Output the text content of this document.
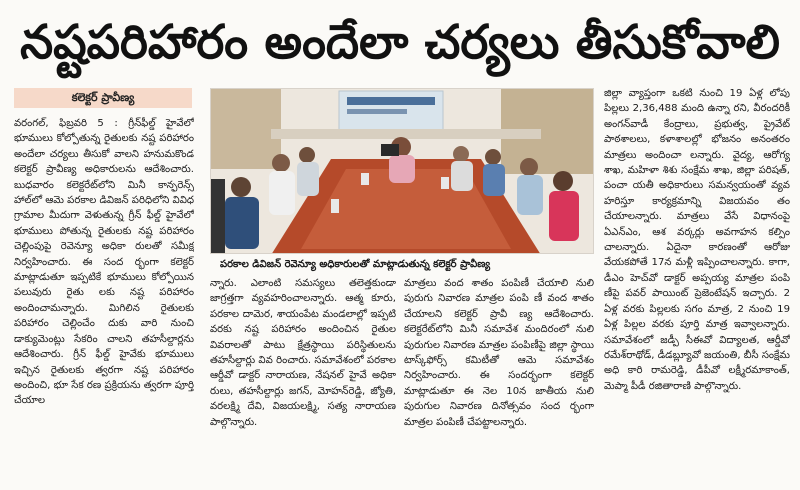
నష్టపరిహారం అందేలా చర్యలు తీసుకోవాలి
కలెక్టర్ ప్రావీణ్య

వరంగల్, ఫిబ్రవరి 5 : గ్రీన్‌ఫీల్డ్ హైవేలో భూములు కోల్పోతున్న రైతులకు నష్ట పరిహారం అందేలా చర్యలు తీసుకో వాలని హనుమకొండ కలెక్టర్ ప్రావీణ్య అధికారులను ఆదేశించారు. బుధవారం కలెక్టరేట్‌లోని మినీ కాన్ఫరెన్స్ హాల్‌లో ఆమె పరకాల డివిజన్ పరిధిలోని వివిధ గ్రామాల మీదుగా వెళుతున్న గ్రీన్ ఫీల్డ్ హైవేలో భూములు పోతున్న రైతులకు నష్ట పరిహారం చెల్లింపుపై రెవెన్యూ అధికా రులతో సమీక్ష నిర్వహించారు. ఈ సంద ర్భంగా కలెక్టర్ మాట్లాడుతూ ఇప్పటికే భూములు కోల్పోయిన పలువురు రైతు లకు నష్ట పరిహారం అందించామన్నారు. మిగిలిన రైతులకు పరిహారం చెల్లించేం దుకు వారి నుంచి డాక్యుమెంట్లు సేకరిం చాలని తహసీల్దార్లను ఆదేశించారు. గ్రీన్ ఫీల్డ్ హైవేకు భూములు ఇచ్చిన రైతులకు త్వరగా నష్ట పరిహారం అందించి, భూ సేక రణ ప్రక్రియను త్వరగా పూర్తి చేయాల

పరకాల డివిజన్ రెవెన్యూ అధికారులతో మాట్లాడుతున్న కలెక్టర్ ప్రావీణ్య

న్నారు. ఎలాంటి సమస్యలు తలెత్తకుండా జాగ్రత్తగా వ్యవహరించాలన్నారు. ఆత్మ కూరు, పరకాల దామెర, శాయంపేట మండలాల్లో ఇప్పటి వరకు నష్ట పరిహారం అందించిన రైతుల వివరాలతో పాటు క్షేత్రస్థాయి పరిస్థితులను తహసీల్దార్లు వివ రించారు. సమావేశంలో పరకాల ఆర్డీవో డాక్టర్ నారాయణ, నేషనల్ హైవే అధికా రులు, తహసీల్దార్లు జగన్, మోహన్‌రెడ్డి, జ్యోతి, వరలక్ష్మి దేవి, విజయలక్ష్మి, సత్య నారాయణ పాల్గొన్నారు.

మాత్రలు వంద శాతం పంపిణీ చేయాలి నులి పురుగు నివారణ మాత్రల పంపి ణీ వంద శాతం చేయాలని కలెక్టర్ ప్రావీ ణ్య ఆదేశించారు. కలెక్టరేట్‌లోని మినీ సమావేశ మందిరంలో నులి పురుగుల నివారణ మాత్రల పంపిణీపై జిల్లా స్థాయి టాస్క్‌ఫోర్స్ కమిటీతో ఆమె సమావేశం నిర్వహించారు. ఈ సందర్భంగా కలెక్టర్ మాట్లాడుతూ ఈ నెల 10న జాతీయ నులి పురుగుల నివారణ దినోత్సవం సంద ర్భంగా మాత్రల పంపిణీ చేపట్టాలన్నారు.

జిల్లా వ్యాప్తంగా ఒకటి నుంచి 19 ఏళ్ల లోపు పిల్లలు 2,36,488 మంది ఉన్నా రని, వీరందరికీ అంగన్‌వాడీ కేంద్రాలు, ప్రభుత్వ, ప్రైవేట్ పాఠశాలలు, కళాశాలల్లో భోజనం అనంతరం మాత్రలు అందించా లన్నారు. వైద్య, ఆరోగ్య శాఖ, మహిళా శిశు సంక్షేమ శాఖ, జిల్లా పరిషత్, పంచా యతీ అధికారులు సమన్వయంతో వ్యవ హరిస్తూ కార్యక్రమాన్ని విజయవం తం చేయాలన్నారు. మాత్రలు వేసే విధానంపై ఏఎన్‌ఎం, ఆశ వర్కర్లు అవగాహన కల్పిం చాలన్నారు. ఏదైనా కారణంతో ఆరోజు వేయకపోతే 17న మళ్లీ ఇప్పించాలన్నారు. కాగా, డీఎం హెచ్‌వో డాక్టర్ అప్పయ్య మాత్రల పంపి ణీపై పవర్ పాయింట్ ప్రెజెంటేషన్ ఇచ్చారు. 2 ఏళ్ల వరకు పిల్లలకు సగం మాత్ర, 2 నుంచి 19 ఏళ్ల పిల్లల వరకు పూర్తి మాత్ర ఇవ్వాలన్నారు. సమావేశంలో జడ్పీ సీఈవో విద్యాలత, ఆర్డీవో రమేశ్‌రాథోడ్, డీడబ్ల్యూవో జయంతి, బీసీ సంక్షేమ అధి కారి రామరెడ్డి, డీపీవో లక్ష్మీరమాకాంత్, మెప్మా పీడీ రజితారాణి పాల్గొన్నారు.
